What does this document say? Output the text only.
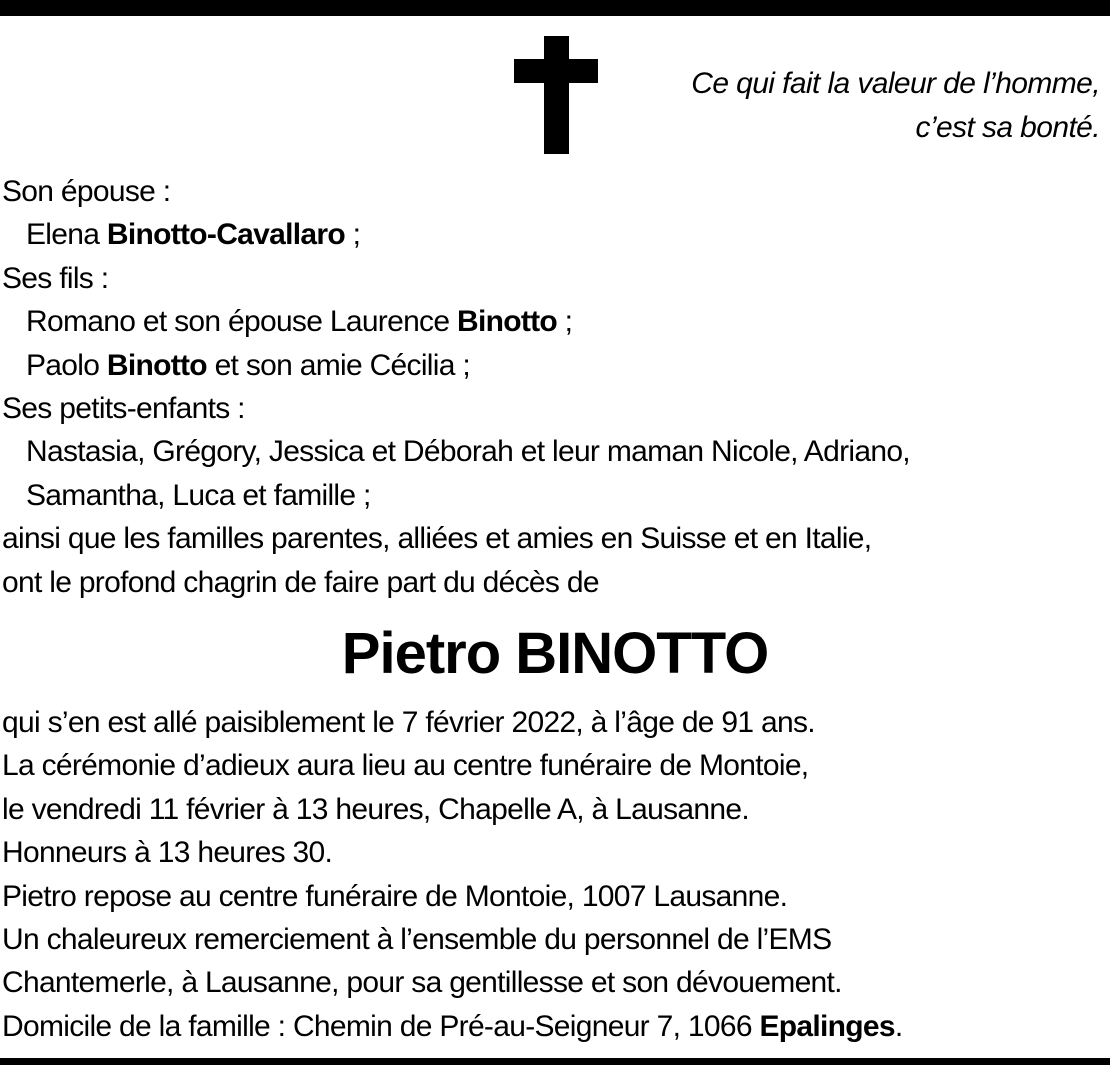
Ce qui fait la valeur de l’homme,
c’est sa bonté.
Son épouse :
Elena Binotto-Cavallaro ;
Ses fils :
Romano et son épouse Laurence Binotto ;
Paolo Binotto et son amie Cécilia ;
Ses petits-enfants :
Nastasia, Grégory, Jessica et Déborah et leur maman Nicole, Adriano,
Samantha, Luca et famille ;
ainsi que les familles parentes, alliées et amies en Suisse et en Italie,
ont le profond chagrin de faire part du décès de
Pietro BINOTTO
qui s’en est allé paisiblement le 7 février 2022, à l’âge de 91 ans.
La cérémonie d’adieux aura lieu au centre funéraire de Montoie,
le vendredi 11 février à 13 heures, Chapelle A, à Lausanne.
Honneurs à 13 heures 30.
Pietro repose au centre funéraire de Montoie, 1007 Lausanne.
Un chaleureux remerciement à l’ensemble du personnel de l’EMS
Chantemerle, à Lausanne, pour sa gentillesse et son dévouement.
Domicile de la famille : Chemin de Pré-au-Seigneur 7, 1066 Epalinges.
